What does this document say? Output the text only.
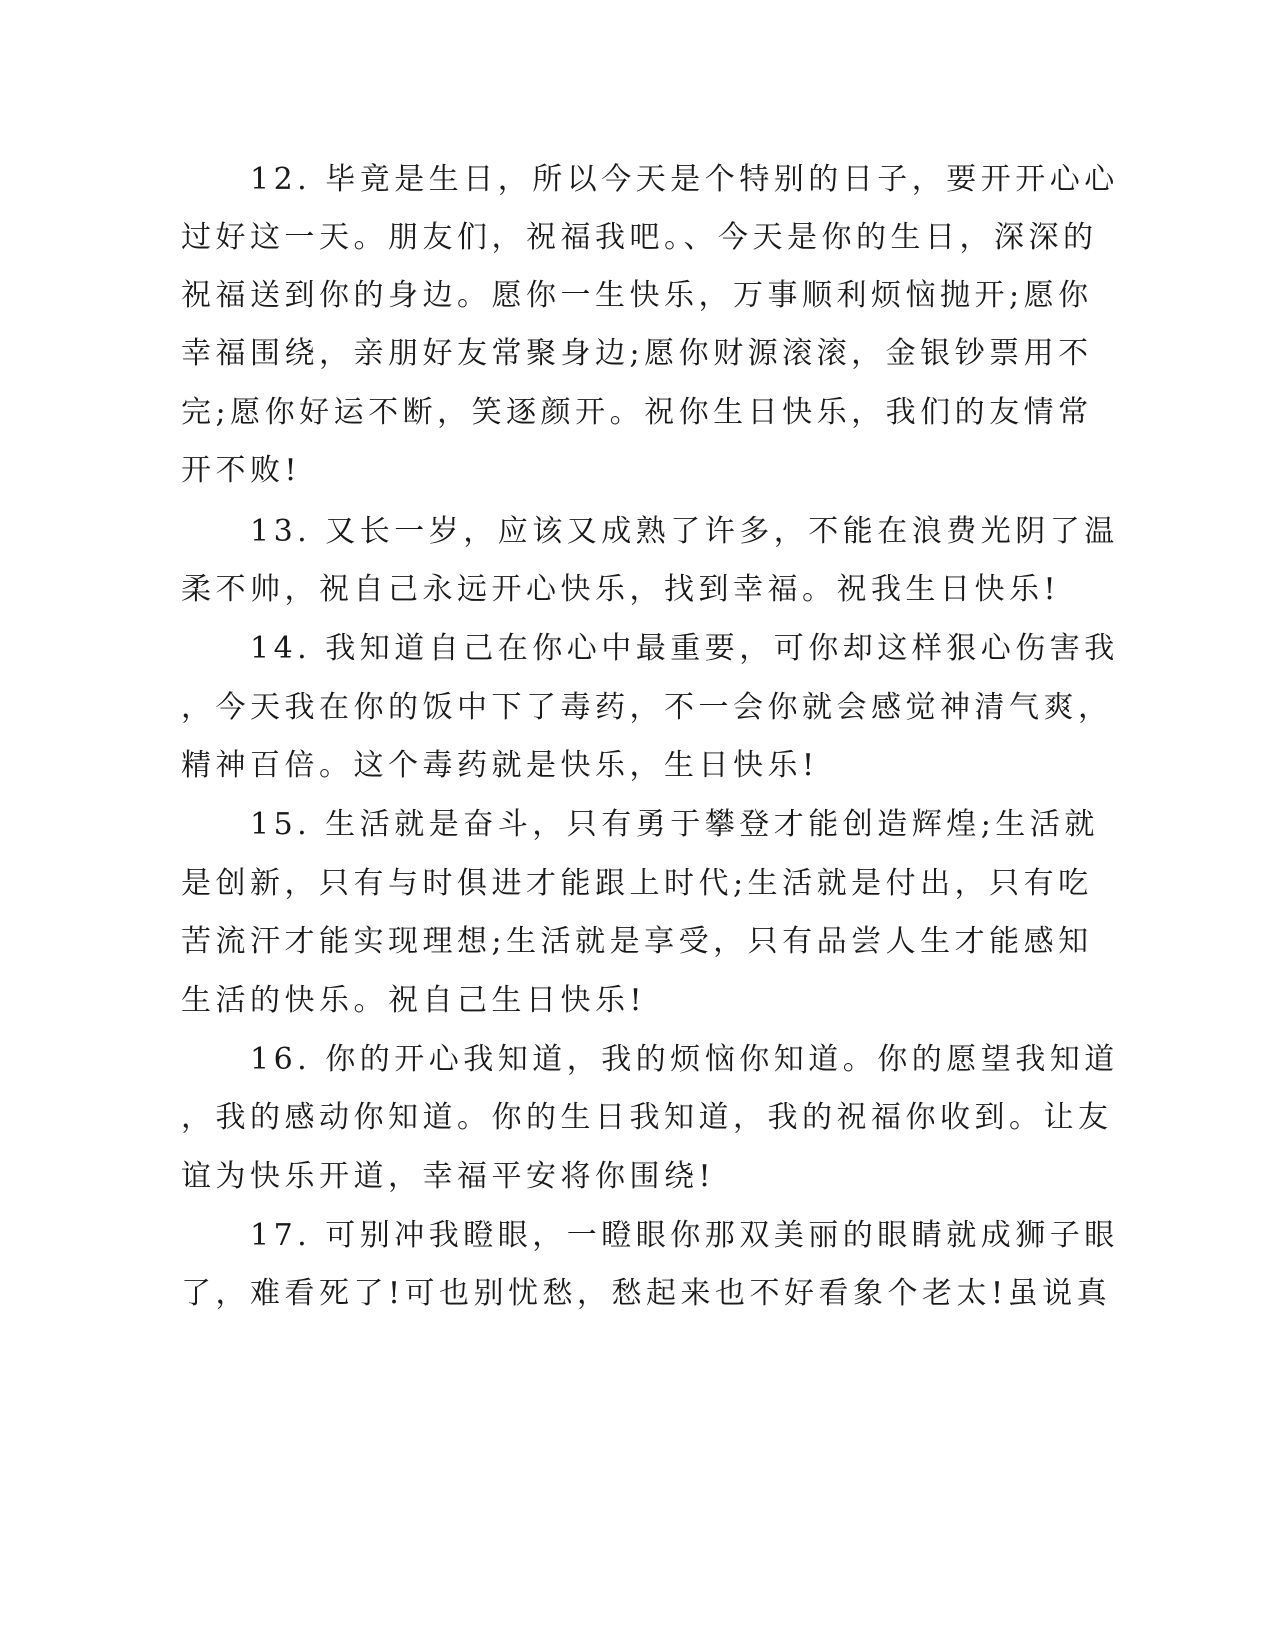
12. 毕竟是生日，所以今天是个特别的日子，要开开心心
过好这一天。朋友们，祝福我吧。、今天是你的生日，深深的
祝福送到你的身边。愿你一生快乐，万事顺利烦恼抛开;愿你
幸福围绕，亲朋好友常聚身边;愿你财源滚滚，金银钞票用不
完;愿你好运不断，笑逐颜开。祝你生日快乐，我们的友情常
开不败!
13. 又长一岁，应该又成熟了许多，不能在浪费光阴了温
柔不帅，祝自己永远开心快乐，找到幸福。祝我生日快乐!
14. 我知道自己在你心中最重要，可你却这样狠心伤害我
，今天我在你的饭中下了毒药，不一会你就会感觉神清气爽，
精神百倍。这个毒药就是快乐，生日快乐!
15. 生活就是奋斗，只有勇于攀登才能创造辉煌;生活就
是创新，只有与时俱进才能跟上时代;生活就是付出，只有吃
苦流汗才能实现理想;生活就是享受，只有品尝人生才能感知
生活的快乐。祝自己生日快乐!
16. 你的开心我知道，我的烦恼你知道。你的愿望我知道
，我的感动你知道。你的生日我知道，我的祝福你收到。让友
谊为快乐开道，幸福平安将你围绕!
17. 可别冲我瞪眼，一瞪眼你那双美丽的眼睛就成狮子眼
了，难看死了!可也别忧愁，愁起来也不好看象个老太!虽说真
